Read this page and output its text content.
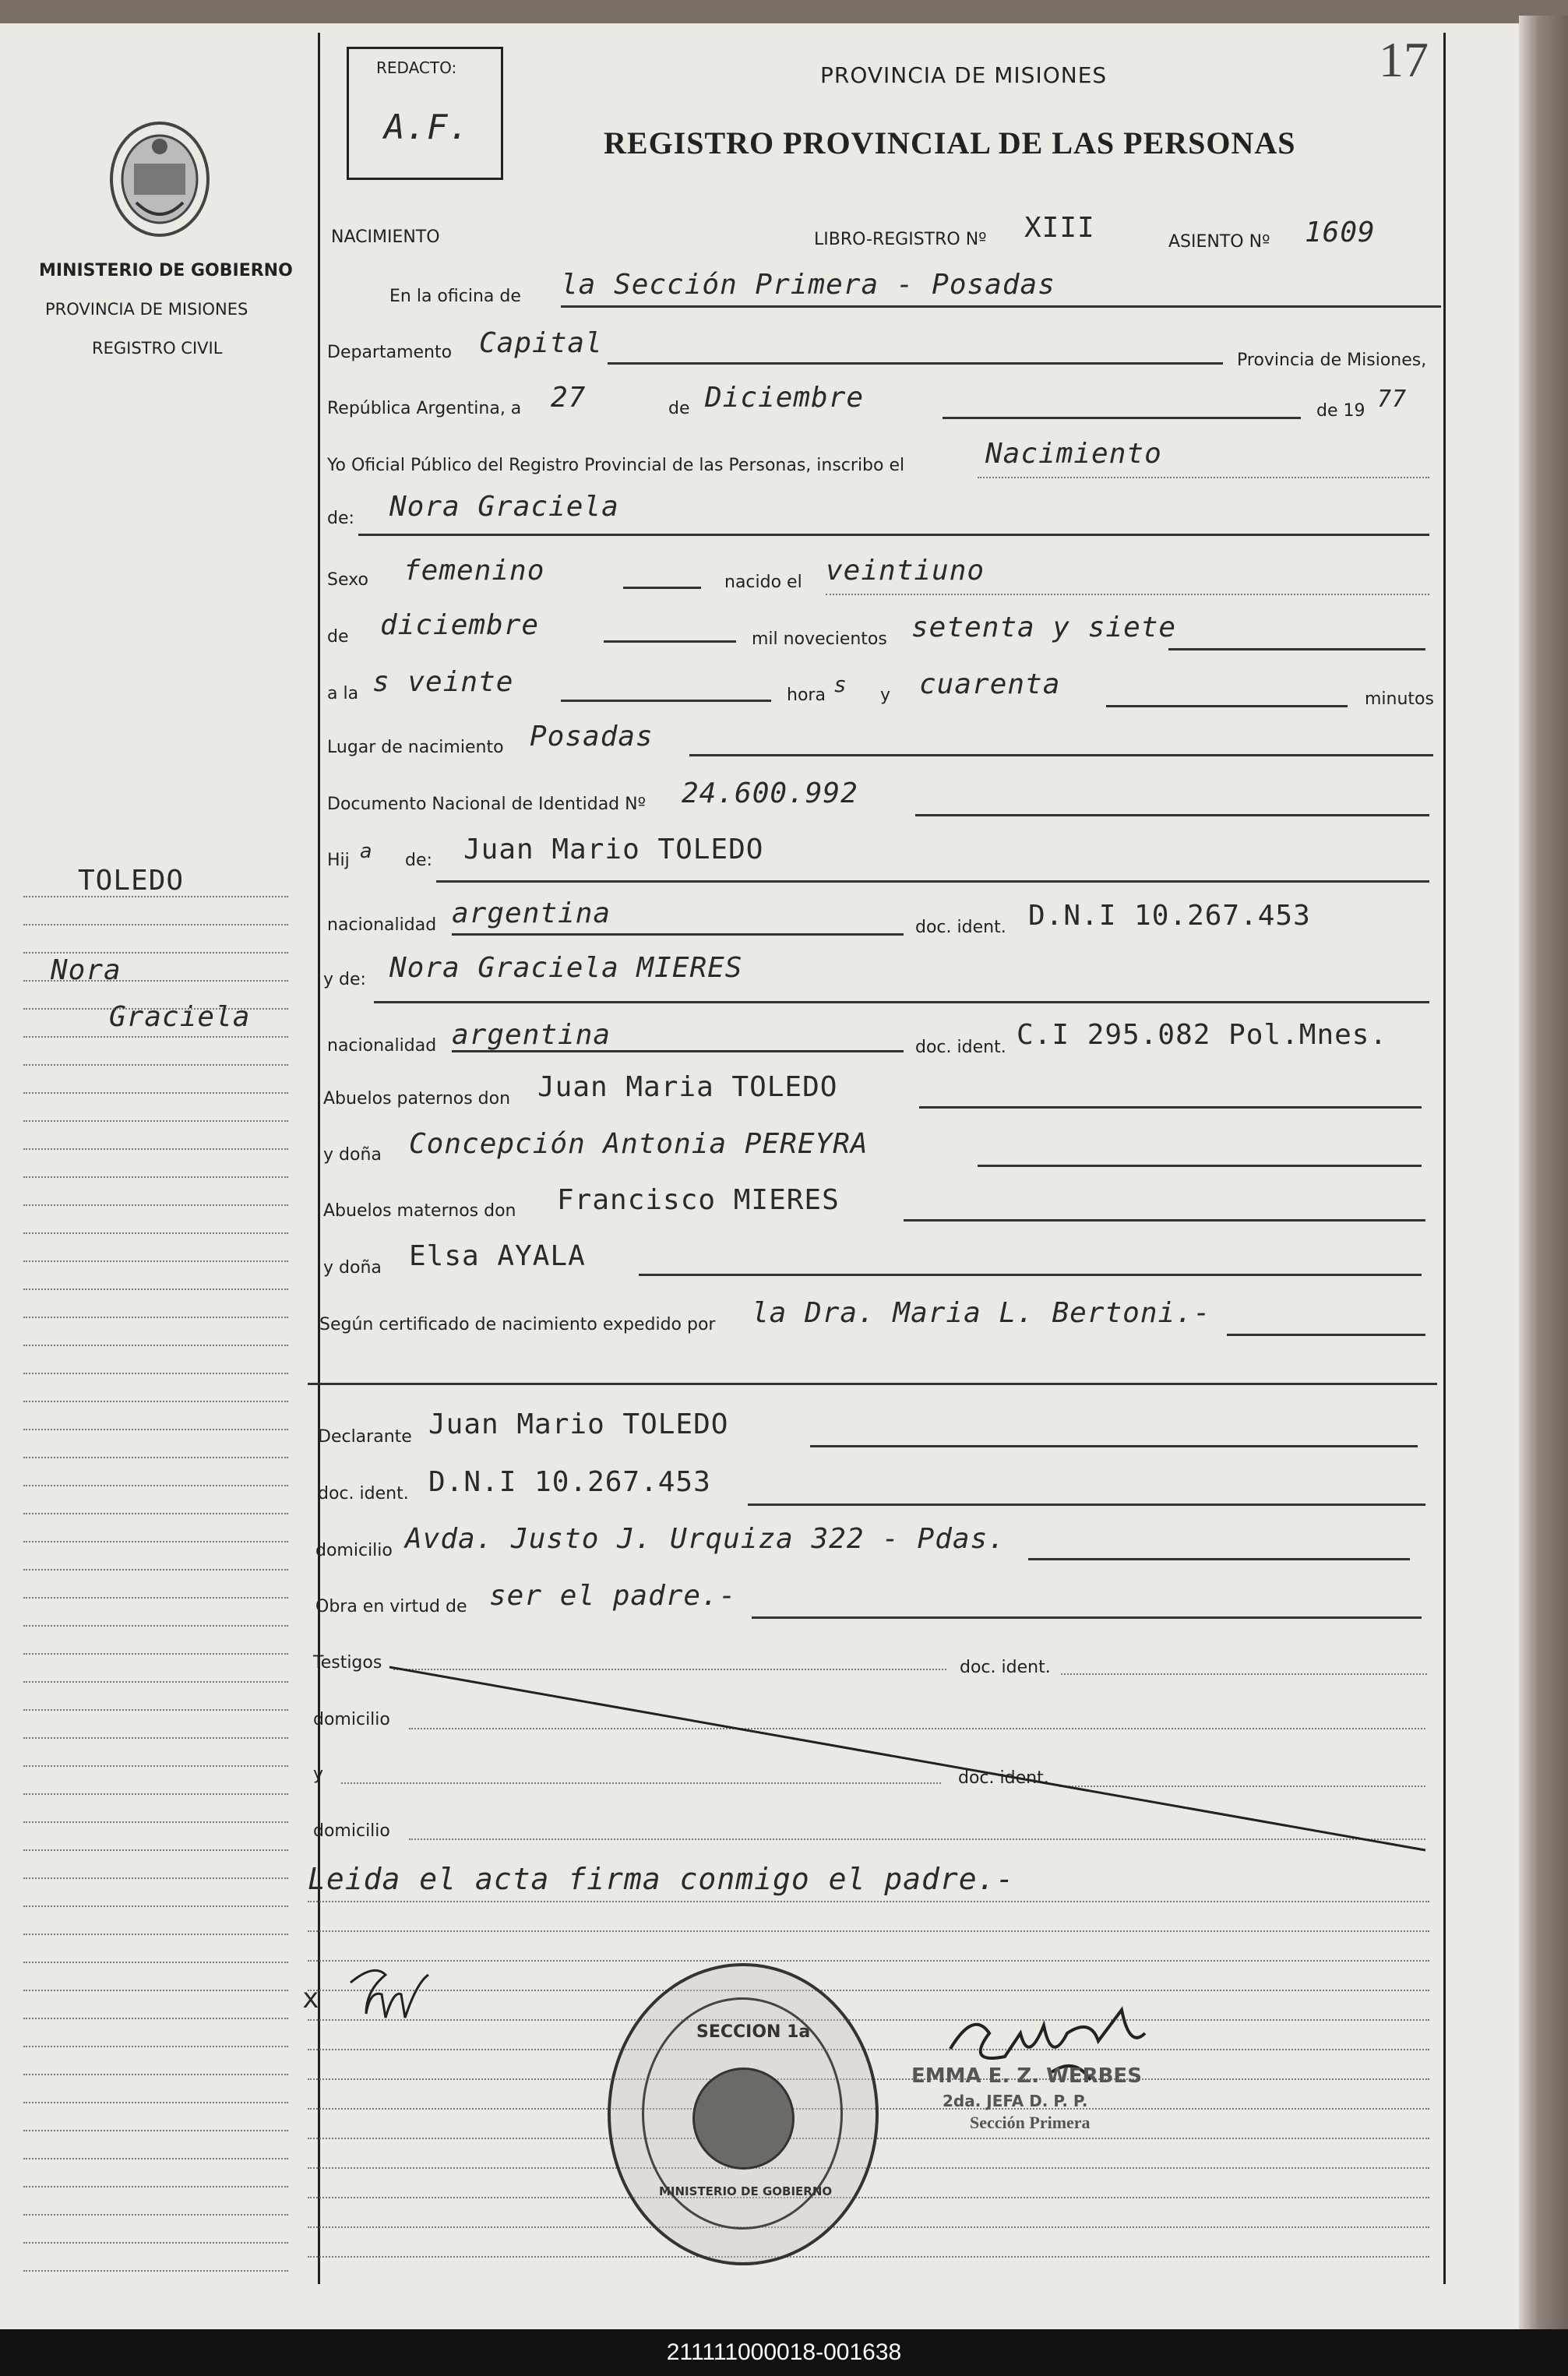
17
MINISTERIO DE GOBIERNO
PROVINCIA DE MISIONES
REGISTRO CIVIL
TOLEDO
Nora
Graciela
REDACTO:
A.F.
PROVINCIA DE MISIONES
REGISTRO PROVINCIAL DE LAS PERSONAS
NACIMIENTO	LIBRO-REGISTRO Nº XIII	ASIENTO Nº 1609
En la oficina de la Sección Primera - Posadas
Departamento Capital
Provincia de Misiones,
República Argentina, a 27	de Diciembre	de 19 77
Yo Oficial Público del Registro Provincial de las Personas, inscribo el	Nacimiento
de: Nora Graciela
Sexo femenino	nacido el veintiuno
de diciembre	mil novecientos setenta y siete
a la s veinte	hora s y cuarenta	minutos
Lugar de nacimiento Posadas
Documento Nacional de Identidad Nº 24.600.992
Hij a de: Juan Mario TOLEDO
nacionalidad argentina	doc. ident. D.N.I 10.267.453
y de: Nora Graciela MIERES
nacionalidad argentina	doc. ident. C.I 295.082 Pol.Mnes.
Abuelos paternos don Juan Maria TOLEDO
y doña Concepción Antonia PEREYRA
Abuelos maternos don Francisco MIERES
y doña Elsa AYALA
Según certificado de nacimiento expedido por la Dra. Maria L. Bertoni.-
Declarante Juan Mario TOLEDO
doc. ident. D.N.I 10.267.453
domicilio Avda. Justo J. Urquiza 322 - Pdas.
Obra en virtud de ser el padre.-
Testigos	doc. ident.
domicilio
y	doc. ident.
domicilio
Leida el acta firma conmigo el padre.-
x
SECCION 1a
MINISTERIO DE GOBIERNO
EMMA E. Z. WERBES
2da. JEFA D. P. P.
Sección Primera
211111000018-001638
